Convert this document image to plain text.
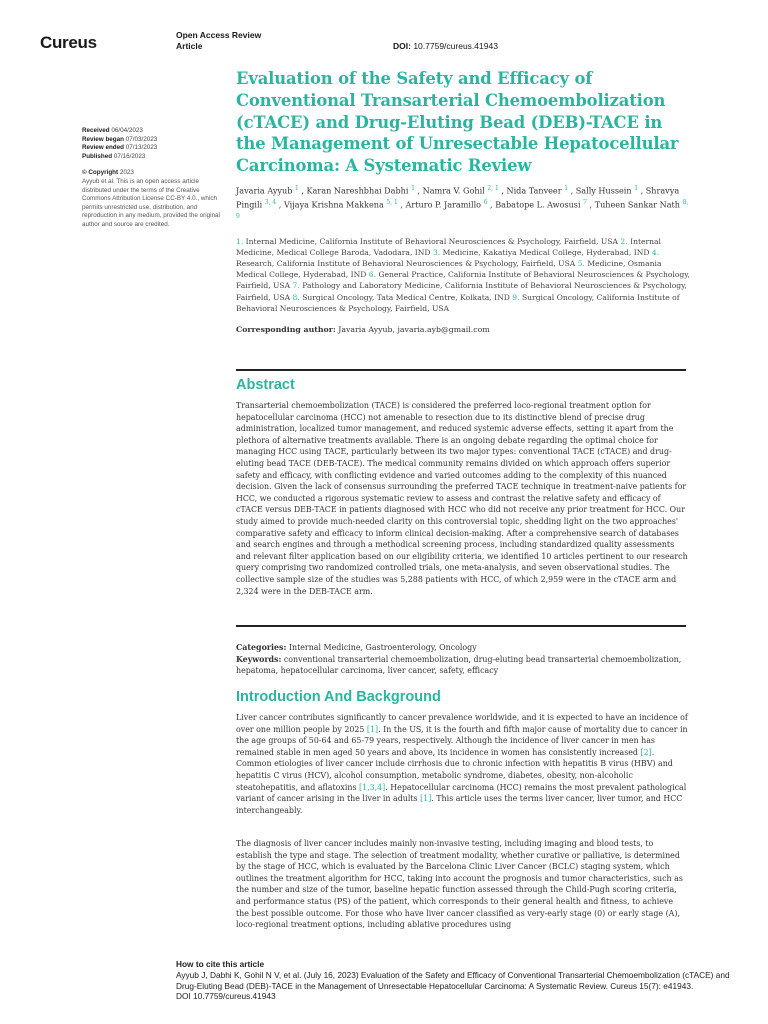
Cureus	Open Access Review
Article	DOI: 10.7759/cureus.41943
Received 06/04/2023
Review began 07/03/2023
Review ended 07/13/2023
Published 07/16/2023
© Copyright 2023
Ayyub et al. This is an open access article distributed under the terms of the Creative Commons Attribution License CC-BY 4.0., which permits unrestricted use, distribution, and reproduction in any medium, provided the original author and source are credited.
Evaluation of the Safety and Efficacy of Conventional Transarterial Chemoembolization (cTACE) and Drug-Eluting Bead (DEB)-TACE in the Management of Unresectable Hepatocellular Carcinoma: A Systematic Review
Javaria Ayyub $^1$ , Karan Nareshbhai Dabhi $^1$ , Namra V. Gohil $^{2, 1}$ , Nida Tanveer $^1$ , Sally Hussein $^1$ , Shravya Pingili $^{3, 4}$ , Vijaya Krishna Makkena $^{5, 1}$ , Arturo P. Jaramillo $^6$ , Babatope L. Awosusi $^7$ , Tuheen Sankar Nath $^{8, 9}$
1. Internal Medicine, California Institute of Behavioral Neurosciences & Psychology, Fairfield, USA 2. Internal Medicine, Medical College Baroda, Vadodara, IND 3. Medicine, Kakatiya Medical College, Hyderabad, IND 4. Research, California Institute of Behavioral Neurosciences & Psychology, Fairfield, USA 5. Medicine, Osmania Medical College, Hyderabad, IND 6. General Practice, California Institute of Behavioral Neurosciences & Psychology, Fairfield, USA 7. Pathology and Laboratory Medicine, California Institute of Behavioral Neurosciences & Psychology, Fairfield, USA 8. Surgical Oncology, Tata Medical Centre, Kolkata, IND 9. Surgical Oncology, California Institute of Behavioral Neurosciences & Psychology, Fairfield, USA
Corresponding author: Javaria Ayyub, javaria.ayb@gmail.com
Abstract

Transarterial chemoembolization (TACE) is considered the preferred loco-regional treatment option for hepatocellular carcinoma (HCC) not amenable to resection due to its distinctive blend of precise drug administration, localized tumor management, and reduced systemic adverse effects, setting it apart from the plethora of alternative treatments available. There is an ongoing debate regarding the optimal choice for managing HCC using TACE, particularly between its two major types: conventional TACE (cTACE) and drug-eluting bead TACE (DEB-TACE). The medical community remains divided on which approach offers superior safety and efficacy, with conflicting evidence and varied outcomes adding to the complexity of this nuanced decision. Given the lack of consensus surrounding the preferred TACE technique in treatment-naive patients for HCC, we conducted a rigorous systematic review to assess and contrast the relative safety and efficacy of cTACE versus DEB-TACE in patients diagnosed with HCC who did not receive any prior treatment for HCC. Our study aimed to provide much-needed clarity on this controversial topic, shedding light on the two approaches' comparative safety and efficacy to inform clinical decision-making. After a comprehensive search of databases and search engines and through a methodical screening process, including standardized quality assessments and relevant filter application based on our eligibility criteria, we identified 10 articles pertinent to our research query comprising two randomized controlled trials, one meta-analysis, and seven observational studies. The collective sample size of the studies was 5,288 patients with HCC, of which 2,959 were in the cTACE arm and 2,324 were in the DEB-TACE arm.

Categories: Internal Medicine, Gastroenterology, Oncology
Keywords: conventional transarterial chemoembolization, drug-eluting bead transarterial chemoembolization, hepatoma, hepatocellular carcinoma, liver cancer, safety, efficacy
Introduction And Background

Liver cancer contributes significantly to cancer prevalence worldwide, and it is expected to have an incidence of over one million people by 2025 [1]. In the US, it is the fourth and fifth major cause of mortality due to cancer in the age groups of 50-64 and 65-79 years, respectively. Although the incidence of liver cancer in men has remained stable in men aged 50 years and above, its incidence in women has consistently increased [2]. Common etiologies of liver cancer include cirrhosis due to chronic infection with hepatitis B virus (HBV) and hepatitis C virus (HCV), alcohol consumption, metabolic syndrome, diabetes, obesity, non-alcoholic steatohepatitis, and aflatoxins [1,3,4]. Hepatocellular carcinoma (HCC) remains the most prevalent pathological variant of cancer arising in the liver in adults [1]. This article uses the terms liver cancer, liver tumor, and HCC interchangeably.

The diagnosis of liver cancer includes mainly non-invasive testing, including imaging and blood tests, to establish the type and stage. The selection of treatment modality, whether curative or palliative, is determined by the stage of HCC, which is evaluated by the Barcelona Clinic Liver Cancer (BCLC) staging system, which outlines the treatment algorithm for HCC, taking into account the prognosis and tumor characteristics, such as the number and size of the tumor, baseline hepatic function assessed through the Child-Pugh scoring criteria, and performance status (PS) of the patient, which corresponds to their general health and fitness, to achieve the best possible outcome. For those who have liver cancer classified as very-early stage (0) or early stage (A), loco-regional treatment options, including ablative procedures using

How to cite this article
Ayyub J, Dabhi K, Gohil N V, et al. (July 16, 2023) Evaluation of the Safety and Efficacy of Conventional Transarterial Chemoembolization (cTACE) and Drug-Eluting Bead (DEB)-TACE in the Management of Unresectable Hepatocellular Carcinoma: A Systematic Review. Cureus 15(7): e41943.
DOI 10.7759/cureus.41943
